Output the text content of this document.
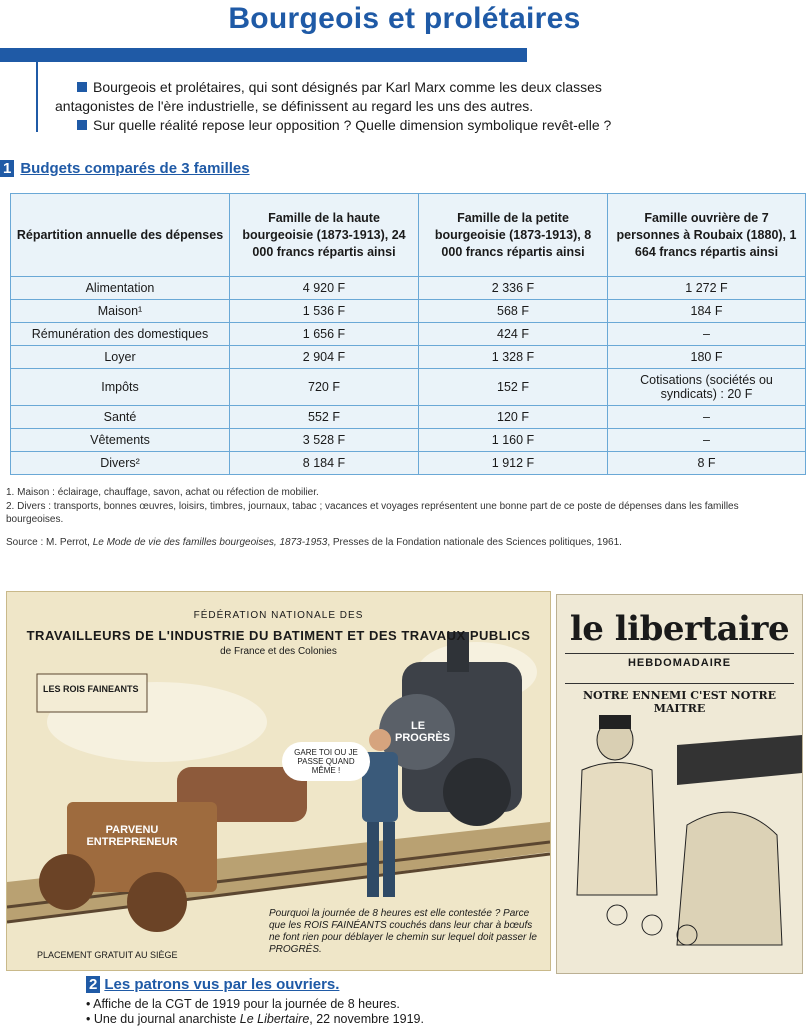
Bourgeois et prolétaires

Bourgeois et prolétaires, qui sont désignés par Karl Marx comme les deux classes antagonistes de l'ère industrielle, se définissent au regard les uns des autres.

Sur quelle réalité repose leur opposition ? Quelle dimension symbolique revêt-elle ?

1 Budgets comparés de 3 familles
Répartition annuelle des dépenses	Famille de la haute bourgeoisie (1873-1913), 24 000 francs répartis ainsi	Famille de la petite bourgeoisie (1873-1913), 8 000 francs répartis ainsi	Famille ouvrière de 7 personnes à Roubaix (1880), 1 664 francs répartis ainsi
Alimentation	4 920 F	2 336 F	1 272 F
Maison¹	1 536 F	568 F	184 F
Rémunération des domestiques	1 656 F	424 F	–
Loyer	2 904 F	1 328 F	180 F
Impôts	720 F	152 F	Cotisations (sociétés ou syndicats) : 20 F
Santé	552 F	120 F	–
Vêtements	3 528 F	1 160 F	–
Divers²	8 184 F	1 912 F	8 F

1. Maison : éclairage, chauffage, savon, achat ou réfection de mobilier.

2. Divers : transports, bonnes œuvres, loisirs, timbres, journaux, tabac ; vacances et voyages représentent une bonne part de ce poste de dépenses dans les familles bourgeoises.

Source : M. Perrot, Le Mode de vie des familles bourgeoises, 1873-1953, Presses de la Fondation nationale des Sciences politiques, 1961.
FÉDÉRATION NATIONALE DES
TRAVAILLEURS DE L'INDUSTRIE DU BATIMENT ET DES TRAVAUX PUBLICS
de France et des Colonies
LES ROIS FAINEANTS
LE PROGRÈS
GARE TOI OU JE PASSE QUAND MÊME !
PARVENU ENTREPRENEUR
Pourquoi la journée de 8 heures est elle contestée ? Parce que les ROIS FAINÉANTS couchés dans leur char à bœufs ne font rien pour déblayer le chemin sur lequel doit passer le PROGRÈS.
PLACEMENT GRATUIT AU SIÈGE
le libertaire
HEBDOMADAIRE
NOTRE ENNEMI C'EST NOTRE MAITRE
2 Les patrons vus par les ouvriers.

• Affiche de la CGT de 1919 pour la journée de 8 heures.

• Une du journal anarchiste Le Libertaire, 22 novembre 1919.
